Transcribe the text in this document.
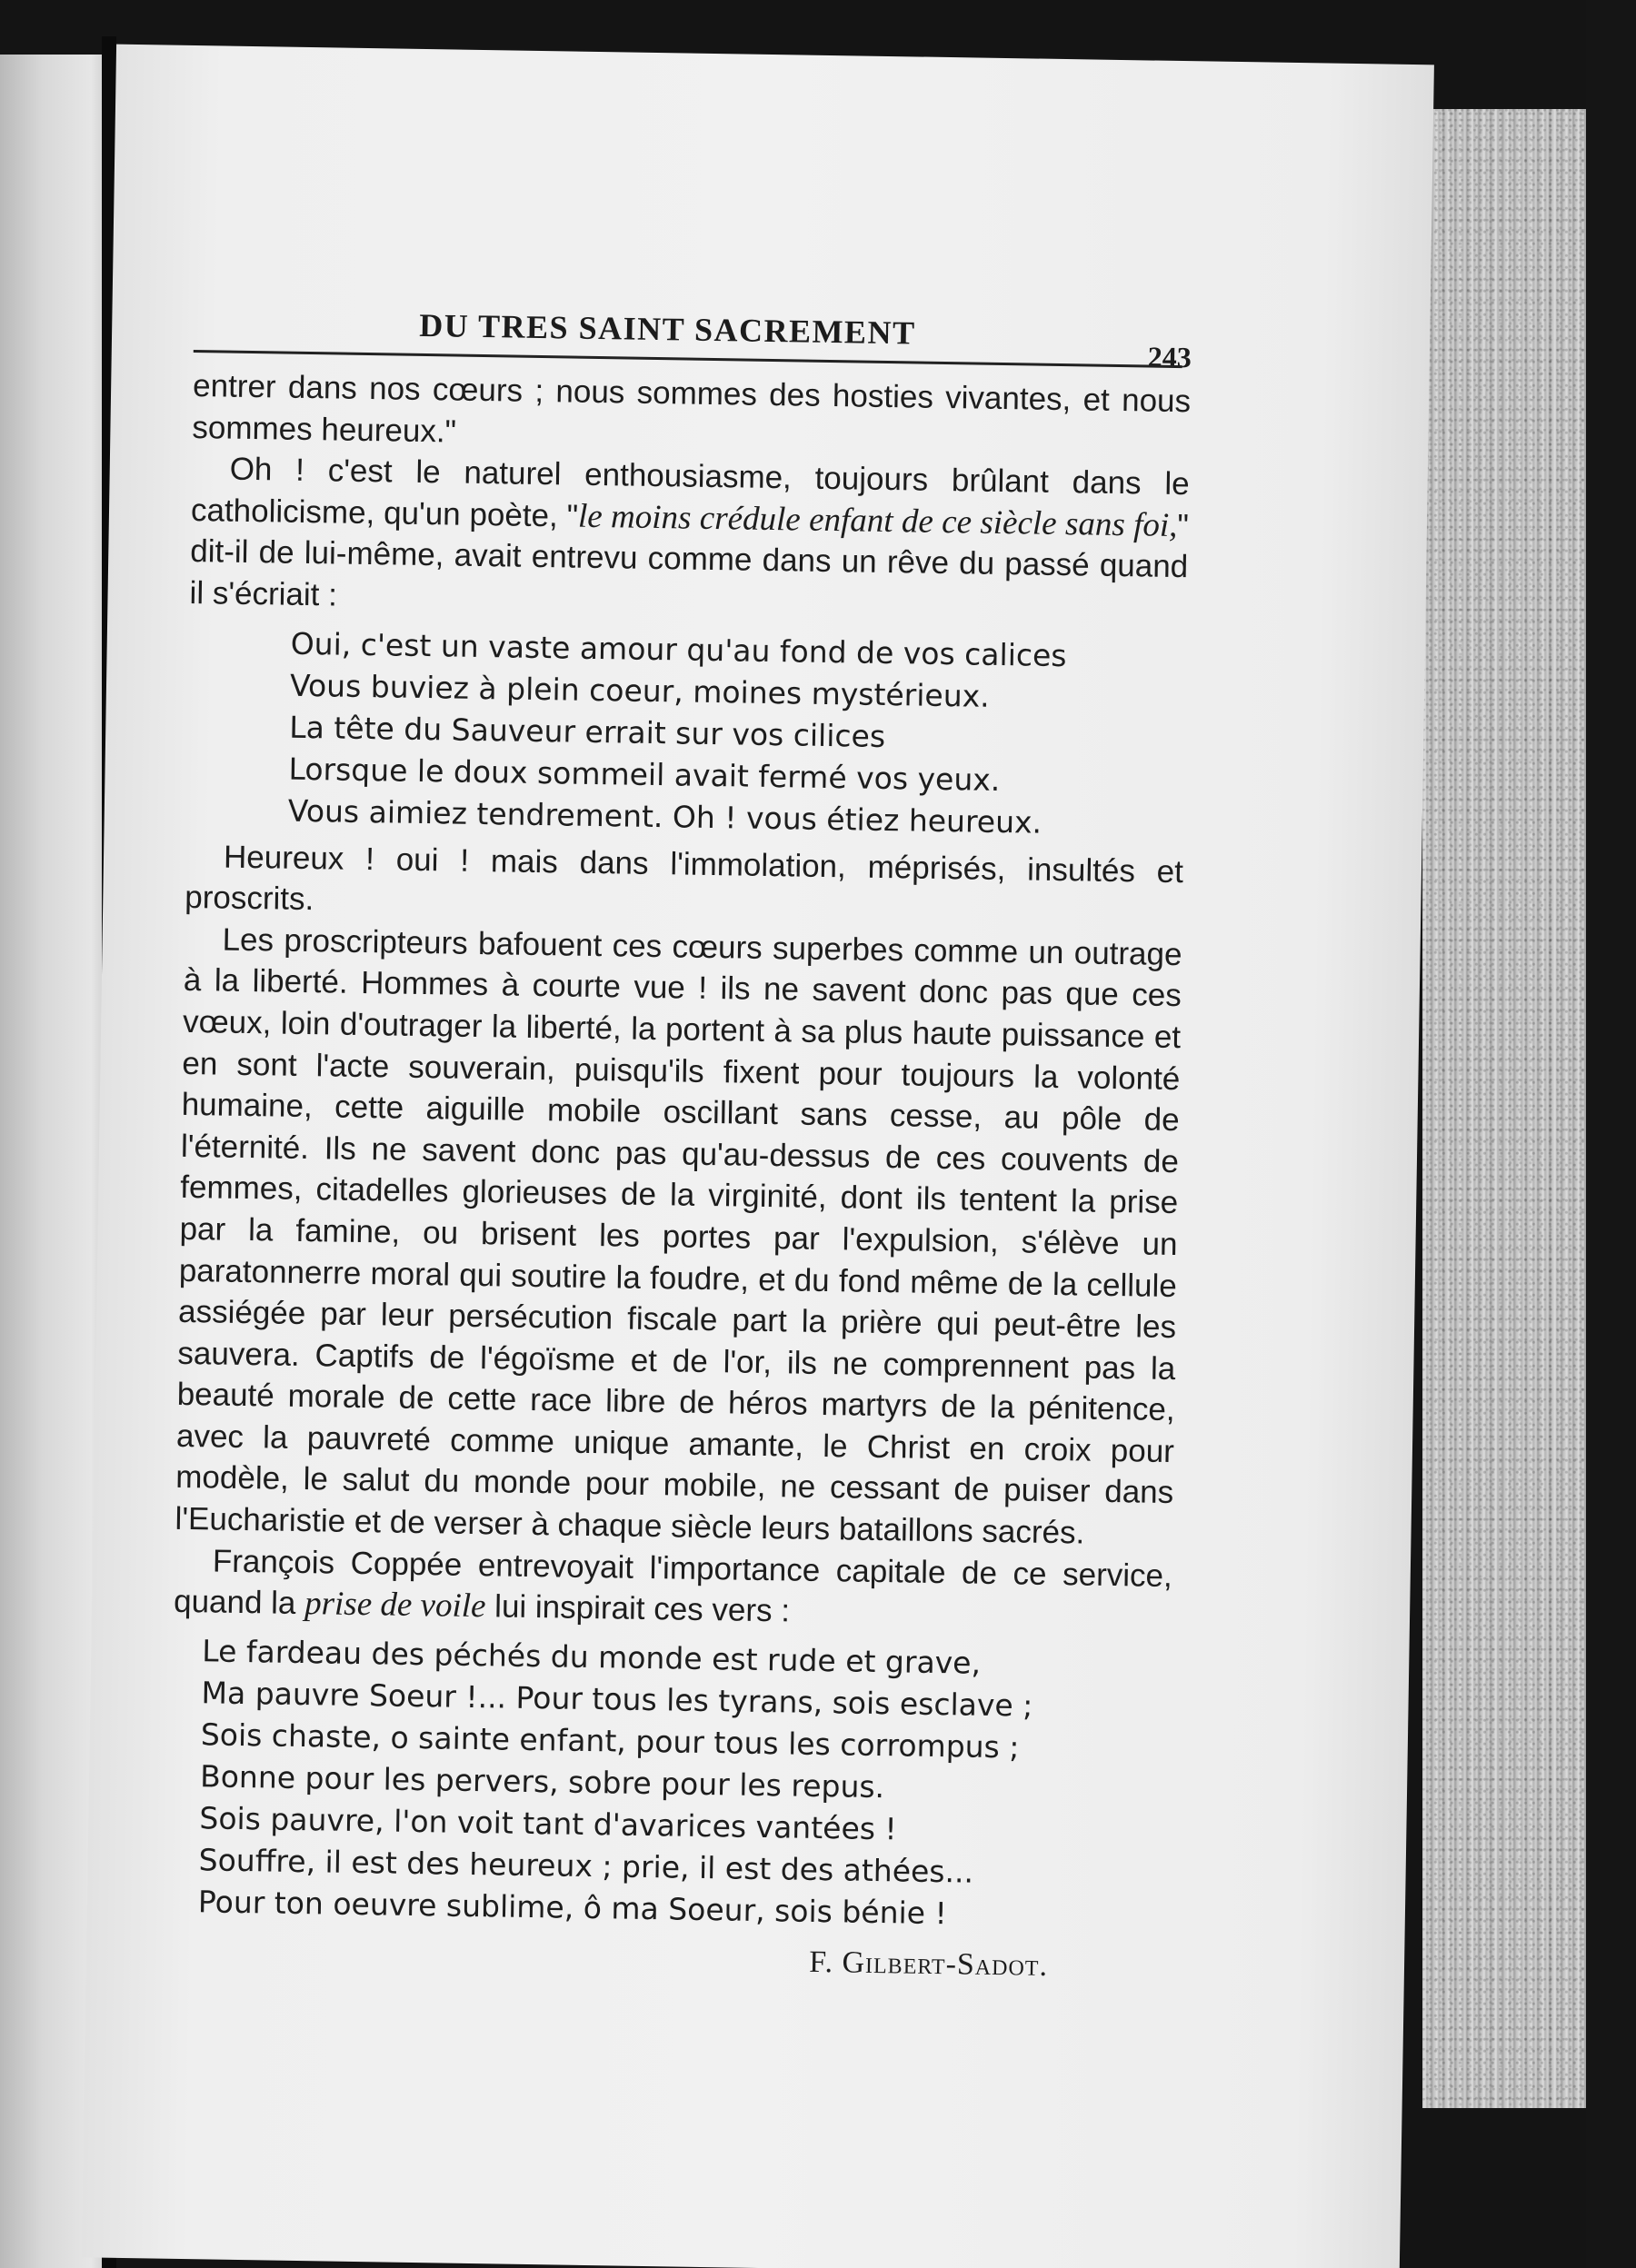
DU TRES SAINT SACREMENT
243

entrer dans nos cœurs ; nous sommes des hosties vivantes, et nous sommes heureux."

Oh ! c'est le naturel enthousiasme, toujours brûlant dans le catholicisme, qu'un poète, "le moins crédule enfant de ce siècle sans foi," dit-il de lui-même, avait entrevu comme dans un rêve du passé quand il s'écriait :

Oui, c'est un vaste amour qu'au fond de vos calices
Vous buviez à plein coeur, moines mystérieux.
La tête du Sauveur errait sur vos cilices
Lorsque le doux sommeil avait fermé vos yeux.
Vous aimiez tendrement. Oh ! vous étiez heureux.

Heureux ! oui ! mais dans l'immolation, méprisés, insultés et proscrits.

Les proscripteurs bafouent ces cœurs superbes comme un outrage à la liberté. Hommes à courte vue ! ils ne savent donc pas que ces vœux, loin d'outrager la liberté, la portent à sa plus haute puissance et en sont l'acte souverain, puisqu'ils fixent pour toujours la volonté humaine, cette aiguille mobile oscillant sans cesse, au pôle de l'éternité. Ils ne savent donc pas qu'au-dessus de ces couvents de femmes, citadelles glorieuses de la virginité, dont ils tentent la prise par la famine, ou brisent les portes par l'expulsion, s'élève un paratonnerre moral qui soutire la foudre, et du fond même de la cellule assiégée par leur persécution fiscale part la prière qui peut-être les sauvera. Captifs de l'égoïsme et de l'or, ils ne comprennent pas la beauté morale de cette race libre de héros martyrs de la pénitence, avec la pauvreté comme unique amante, le Christ en croix pour modèle, le salut du monde pour mobile, ne cessant de puiser dans l'Eucharistie et de verser à chaque siècle leurs bataillons sacrés.

François Coppée entrevoyait l'importance capitale de ce service, quand la prise de voile lui inspirait ces vers :

Le fardeau des péchés du monde est rude et grave,
Ma pauvre Soeur !... Pour tous les tyrans, sois esclave ;
Sois chaste, o sainte enfant, pour tous les corrompus ;
Bonne pour les pervers, sobre pour les repus.
Sois pauvre, l'on voit tant d'avarices vantées !
Souffre, il est des heureux ; prie, il est des athées...
Pour ton oeuvre sublime, ô ma Soeur, sois bénie !
F. Gilbert-Sadot.
